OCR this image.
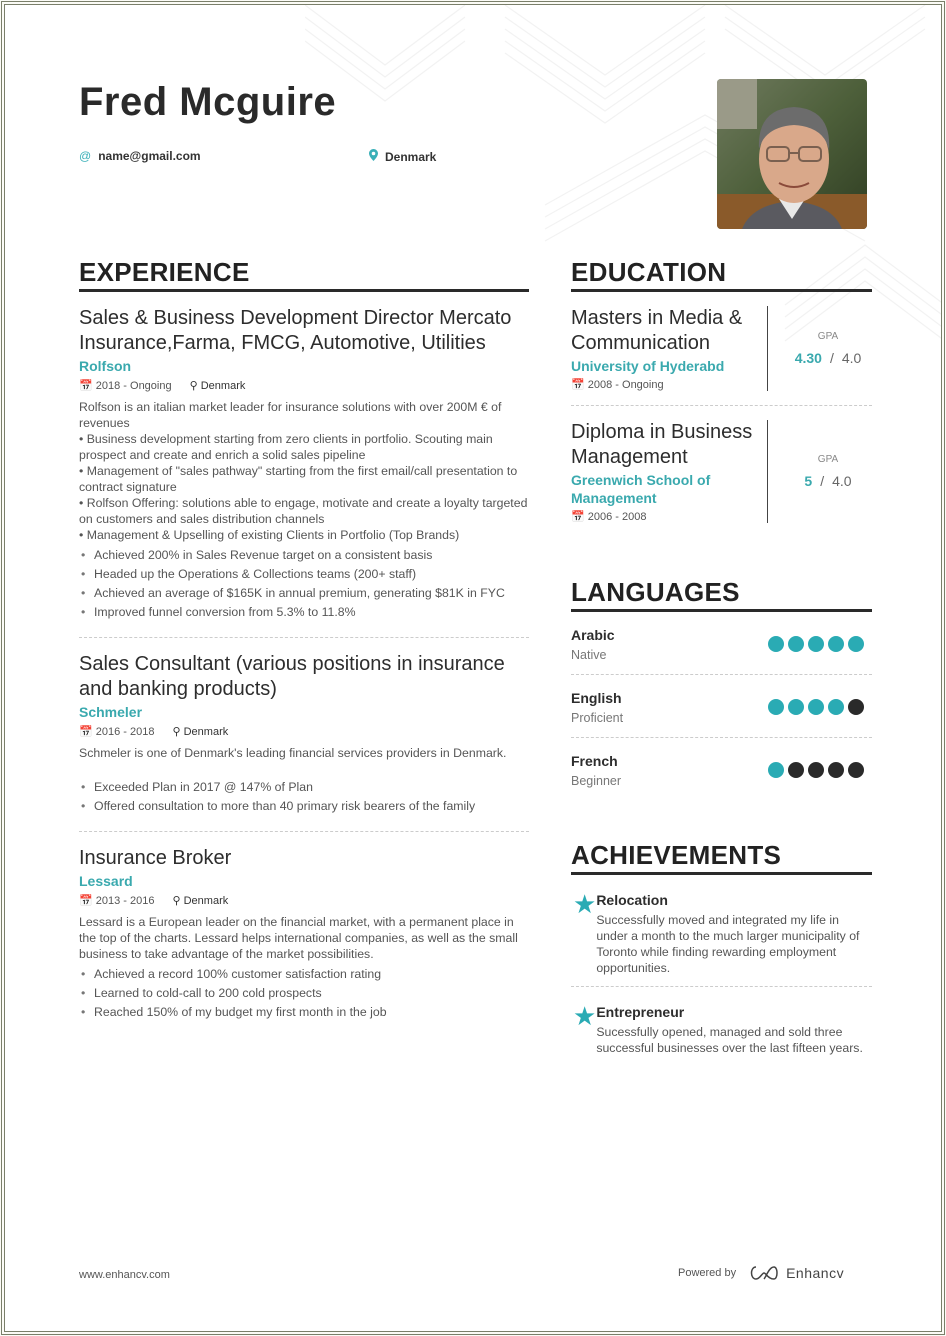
Fred Mcguire
@ name@gmail.com	Denmark
EXPERIENCE
Sales & Business Development Director Mercato Insurance,Farma, FMCG, Automotive, Utilities
Rolfson
📅 2018 - Ongoing ⚲ Denmark
Rolfson is an italian market leader for insurance solutions with over 200M € of revenues
• Business development starting from zero clients in portfolio. Scouting main prospect and create and enrich a solid sales pipeline
• Management of "sales pathway" starting from the first email/call presentation to contract signature
• Rolfson Offering: solutions able to engage, motivate and create a loyalty targeted on customers and sales distribution channels
• Management & Upselling of existing Clients in Portfolio (Top Brands)
• Achieved 200% in Sales Revenue target on a consistent basis
• Headed up the Operations & Collections teams (200+ staff)
• Achieved an average of $165K in annual premium, generating $81K in FYC
• Improved funnel conversion from 5.3% to 11.8%
Sales Consultant (various positions in insurance and banking products)
Schmeler
📅 2016 - 2018 ⚲ Denmark
Schmeler is one of Denmark's leading financial services providers in Denmark.
• Exceeded Plan in 2017 @ 147% of Plan
• Offered consultation to more than 40 primary risk bearers of the family
Insurance Broker
Lessard
📅 2013 - 2016 ⚲ Denmark
Lessard is a European leader on the financial market, with a permanent place in the top of the charts. Lessard helps international companies, as well as the small business to take advantage of the market possibilities.
• Achieved a record 100% customer satisfaction rating
• Learned to cold-call to 200 cold prospects
• Reached 150% of my budget my first month in the job
EDUCATION
Masters in Media & Communication
University of Hyderabd
📅 2008 - Ongoing
GPA
4.30 / 4.0
Diploma in Business Management
Greenwich School of Management
📅 2006 - 2008
GPA
5 / 4.0
LANGUAGES
Arabic
Native
English
Proficient
French
Beginner
ACHIEVEMENTS
★ Relocation
Successfully moved and integrated my life in under a month to the much larger municipality of Toronto while finding rewarding employment opportunities.
★ Entrepreneur
Sucessfully opened, managed and sold three successful businesses over the last fifteen years.
www.enhancv.com	Powered by	Enhancv
